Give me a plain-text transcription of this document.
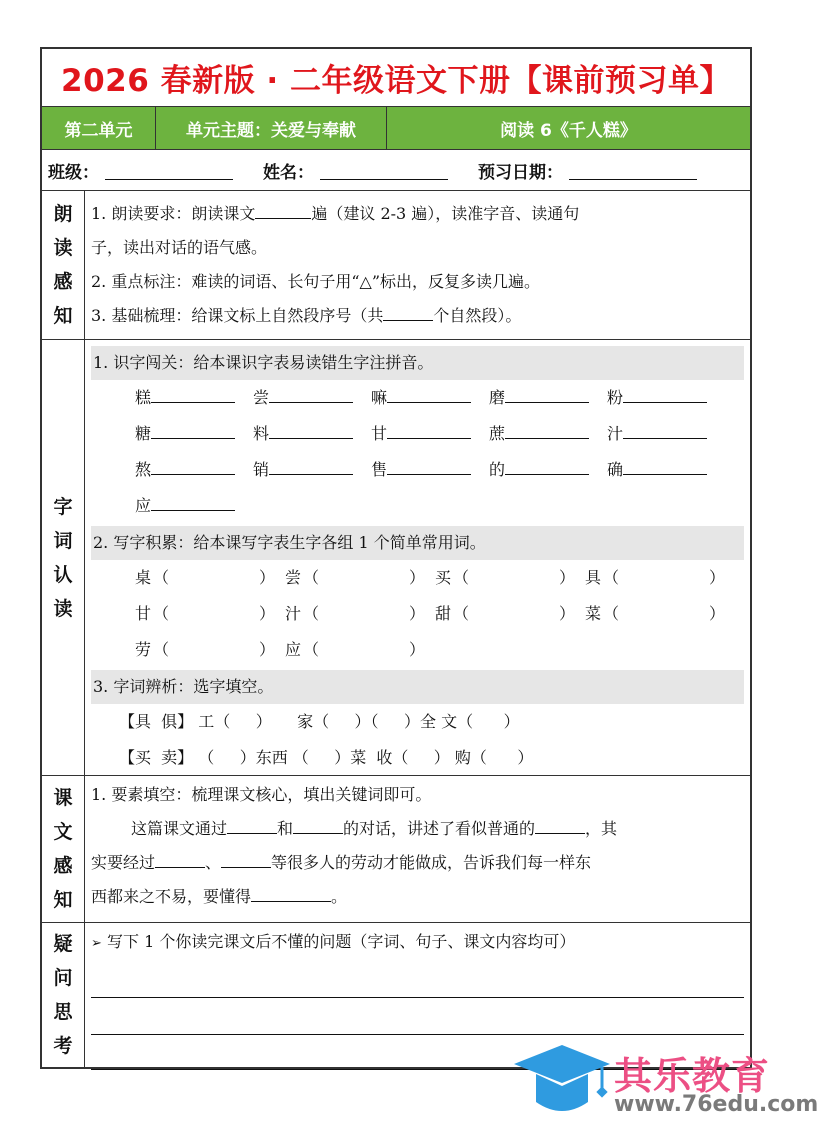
2026 春新版 · 二年级语文下册【课前预习单】
第二单元	单元主题：关爱与奉献	阅读 6《千人糕》
班级：	姓名：	预习日期：
朗
读
感
知
1. 朗读要求：朗读课文	遍（建议 2-3 遍），读准字音、读通句
子，读出对话的语气感。
2. 重点标注：难读的词语、长句子用“△”标出，反复多读几遍。
3. 基础梳理：给课文标上自然段序号（共	个自然段）。
字
词
认
读
1. 识字闯关：给本课识字表易读错生字注拼音。
糕	尝	嘛	磨	粉
糖	料	甘	蔗	汁
熬	销	售	的	确
应
2. 写字积累：给本课写字表生字各组 1 个简单常用词。
桌 （	） 尝 （	） 买 （	） 具 （	）
甘 （	） 汁 （	） 甜 （	） 菜 （	）
劳 （	） 应 （	）
3. 字词辨析：选字填空。
【具  俱】 工（     ）     家（     ）（     ）全 文（      ）
【买  卖】 （     ）东西 （     ）菜  收（     ） 购（      ）
课
文
感
知
1. 要素填空：梳理课文核心，填出关键词即可。
这篇课文通过	和	的对话，讲述了看似普通的	，其
实要经过	、	等很多人的劳动才能做成，告诉我们每一样东
西都来之不易，要懂得	。
疑
问
思
考
➢ 写下 1 个你读完课文后不懂的问题（字词、句子、课文内容均可）
其乐教育
www.76edu.com
